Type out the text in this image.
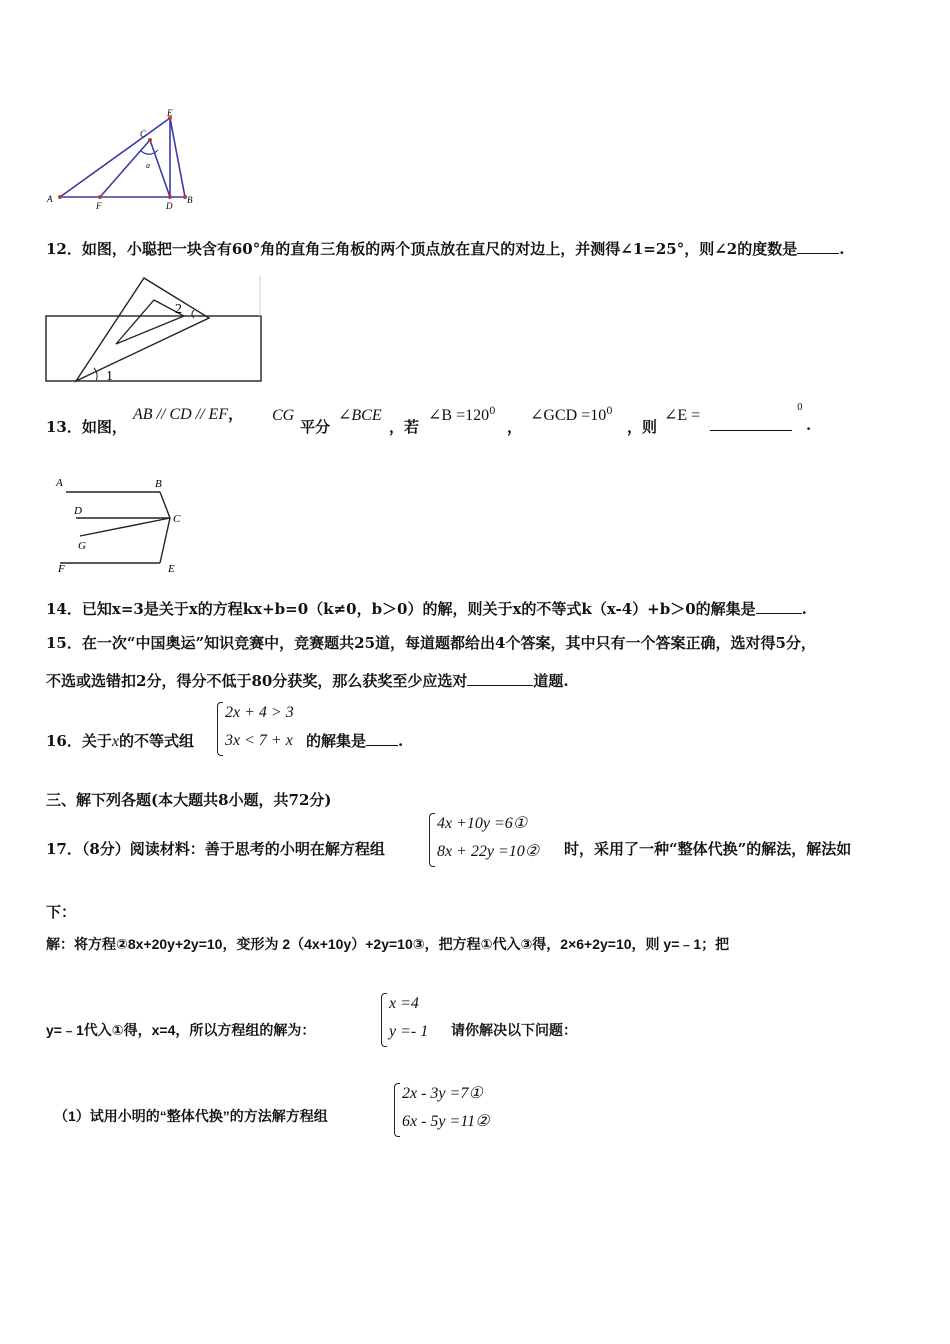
A
F
C
a
E
D
B
12．如图，小聪把一块含有60°角的直角三角板的两个顶点放在直尺的对边上，并测得∠1=25°，则∠2的度数是	.
2
1
13．如图，
AB // CD // EF， CG
平分
∠BCE
，若
∠B $=120^0$
，
∠GCD $=10^0$
，则
∠E =	0
.
A	B
D
C
G
F	E
14．已知x=3是关于x的方程kx+b=0（k≠0，b＞0）的解，则关于x的不等式k（x-4）+b＞0的解集是	.
15．在一次“中国奥运”知识竞赛中，竞赛题共25道，每道题都给出4个答案，其中只有一个答案正确，选对得5分，
不选或选错扣2分，得分不低于80分获奖，那么获奖至少应选对	道题.
16．关于x的不等式组
2x + 4 > 3
3x < 7 + x 的解集是 .
三、解下列各题(本大题共8小题，共72分)
17．（8分）阅读材料：善于思考的小明在解方程组
4x +10y =6①
8x + 22y =10② 时，采用了一种“整体代换”的解法，解法如
下：
解：将方程②8x+20y+2y=10，变形为 2（4x+10y）+2y=10③，把方程①代入③得，2×6+2y=10，则 y=﹣1；把
y=﹣1代入①得，x=4，所以方程组的解为：
x =4
y =- 1 请你解决以下问题：
（1）试用小明的“整体代换”的方法解方程组
2x - 3y =7①
6x - 5y =11②
